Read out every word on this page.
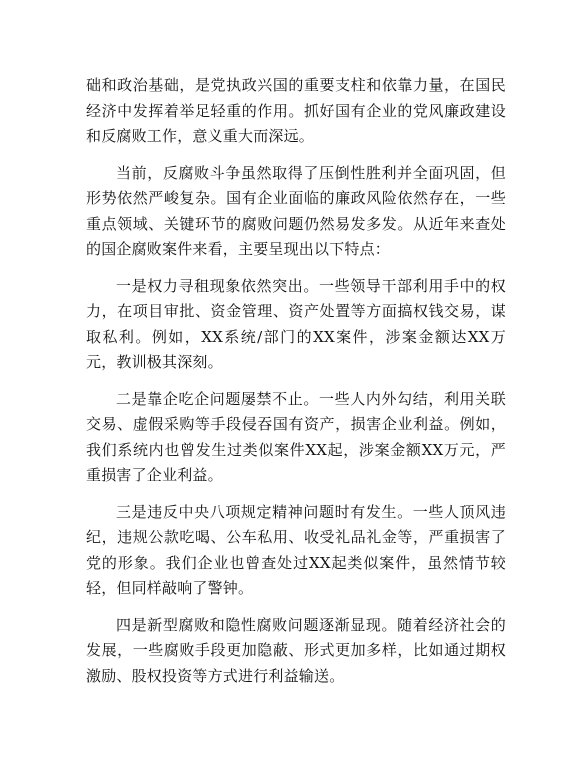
础和政治基础，是党执政兴国的重要支柱和依靠力量，在国民经济中发挥着举足轻重的作用。抓好国有企业的党风廉政建设和反腐败工作，意义重大而深远。

当前，反腐败斗争虽然取得了压倒性胜利并全面巩固，但形势依然严峻复杂。国有企业面临的廉政风险依然存在，一些重点领域、关键环节的腐败问题仍然易发多发。从近年来查处的国企腐败案件来看，主要呈现出以下特点：

一是权力寻租现象依然突出。一些领导干部利用手中的权力，在项目审批、资金管理、资产处置等方面搞权钱交易，谋取私利。例如，XX系统/部门的XX案件，涉案金额达XX万元，教训极其深刻。

二是靠企吃企问题屡禁不止。一些人内外勾结，利用关联交易、虚假采购等手段侵吞国有资产，损害企业利益。例如，我们系统内也曾发生过类似案件XX起，涉案金额XX万元，严重损害了企业利益。

三是违反中央八项规定精神问题时有发生。一些人顶风违纪，违规公款吃喝、公车私用、收受礼品礼金等，严重损害了党的形象。我们企业也曾查处过XX起类似案件，虽然情节较轻，但同样敲响了警钟。

四是新型腐败和隐性腐败问题逐渐显现。随着经济社会的发展，一些腐败手段更加隐蔽、形式更加多样，比如通过期权激励、股权投资等方式进行利益输送。
